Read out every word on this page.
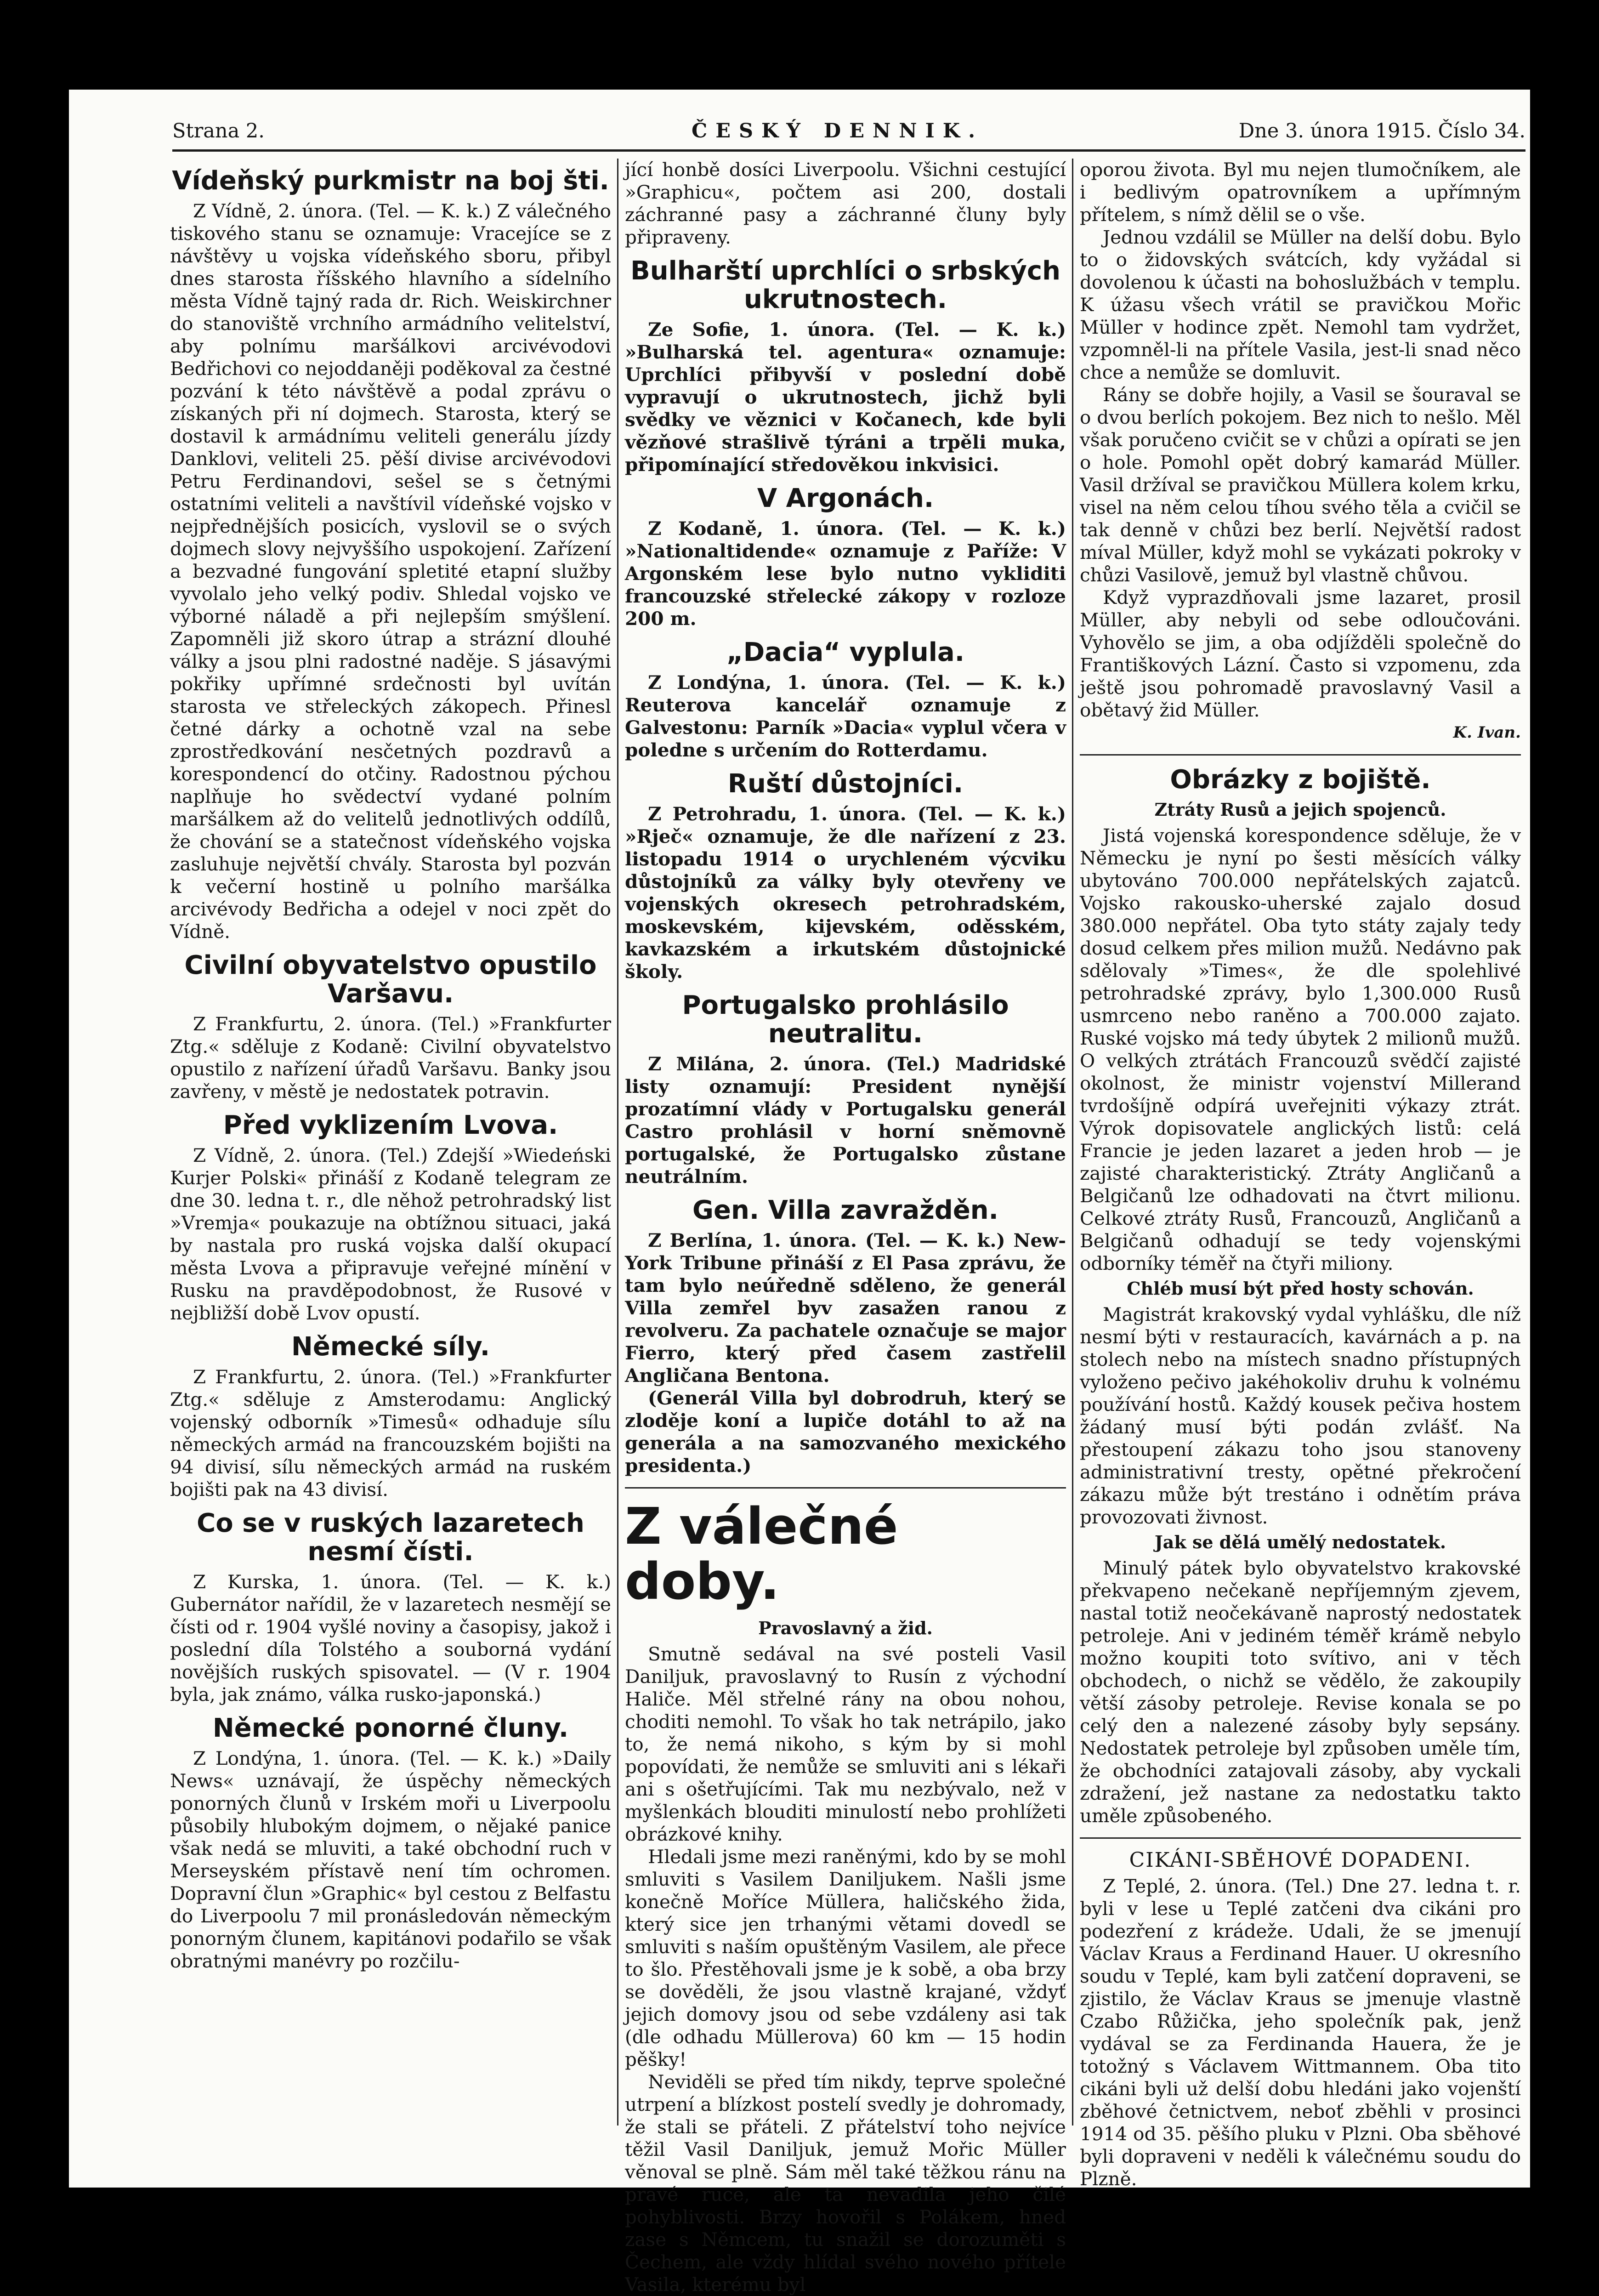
Strana 2.	ČESKÝ DENNIK.	Dne 3. února 1915. Číslo 34.
Vídeňský purkmistr na boj šti.

Z Vídně, 2. února. (Tel. — K. k.) Z válečného tiskového stanu se oznamuje: Vracejíce se z návštěvy u vojska vídeňského sboru, přibyl dnes starosta říšského hlavního a sídelního města Vídně tajný rada dr. Rich. Weiskirchner do stanoviště vrchního armádního velitelství, aby polnímu maršálkovi arcivévodovi Bedřichovi co nejoddaněji poděkoval za čestné pozvání k této návštěvě a podal zprávu o získaných při ní dojmech. Starosta, který se dostavil k armádnímu veliteli generálu jízdy Danklovi, veliteli 25. pěší divise arcivévodovi Petru Ferdinandovi, sešel se s četnými ostatními veliteli a navštívil vídeňské vojsko v nejpřednějších posicích, vyslovil se o svých dojmech slovy nejvyššího uspokojení. Zařízení a bezvadné fungování spletité etapní služby vyvolalo jeho velký podiv. Shledal vojsko ve výborné náladě a při nejlepším smýšlení. Zapomněli již skoro útrap a strázní dlouhé války a jsou plni radostné naděje. S jásavými pokřiky upřímné srdečnosti byl uvítán starosta ve střeleckých zákopech. Přinesl četné dárky a ochotně vzal na sebe zprostředkování nesčetných pozdravů a korespondencí do otčiny. Radostnou pýchou naplňuje ho svědectví vydané polním maršálkem až do velitelů jednotlivých oddílů, že chování se a statečnost vídeňského vojska zasluhuje největší chvály. Starosta byl pozván k večerní hostině u polního maršálka arcivévody Bedřicha a odejel v noci zpět do Vídně.

Civilní obyvatelstvo opustilo Varšavu.

Z Frankfurtu, 2. února. (Tel.) »Frankfurter Ztg.« sděluje z Kodaně: Civilní obyvatelstvo opustilo z nařízení úřadů Varšavu. Banky jsou zavřeny, v městě je nedostatek potravin.

Před vyklizením Lvova.

Z Vídně, 2. února. (Tel.) Zdejší »Wiedeński Kurjer Polski« přináší z Kodaně telegram ze dne 30. ledna t. r., dle něhož petrohradský list »Vremja« poukazuje na obtížnou situaci, jaká by nastala pro ruská vojska další okupací města Lvova a připravuje veřejné mínění v Rusku na pravděpodobnost, že Rusové v nejbližší době Lvov opustí.

Německé síly.

Z Frankfurtu, 2. února. (Tel.) »Frankfurter Ztg.« sděluje z Amsterodamu: Anglický vojenský odborník »Timesů« odhaduje sílu německých armád na francouzském bojišti na 94 divisí, sílu německých armád na ruském bojišti pak na 43 divisí.

Co se v ruských lazaretech nesmí čísti.

Z Kurska, 1. února. (Tel. — K. k.) Gubernátor nařídil, že v lazaretech nesmějí se čísti od r. 1904 vyšlé noviny a časopisy, jakož i poslední díla Tolstého a souborná vydání novějších ruských spisovatel. — (V r. 1904 byla, jak známo, válka rusko-japonská.)

Německé ponorné čluny.

Z Londýna, 1. února. (Tel. — K. k.) »Daily News« uznávají, že úspěchy německých ponorných člunů v Irském moři u Liverpoolu působily hlubokým dojmem, o nějaké panice však nedá se mluviti, a také obchodní ruch v Merseyském přístavě není tím ochromen. Dopravní člun »Graphic« byl cestou z Belfastu do Liverpoolu 7 mil pronásledován německým ponorným člunem, kapitánovi podařilo se však obratnými manévry po rozčilu-

jící honbě dosíci Liverpoolu. Všichni cestující »Graphicu«, počtem asi 200, dostali záchranné pasy a záchranné čluny byly připraveny.

Bulharští uprchlíci o srbských ukrutnostech.

Ze Sofie, 1. února. (Tel. — K. k.) »Bulharská tel. agentura« oznamuje: Uprchlíci přibyvší v poslední době vypravují o ukrutnostech, jichž byli svědky ve věznici v Kočanech, kde byli vězňové strašlivě týráni a trpěli muka, připomínající středověkou inkvisici.

V Argonách.

Z Kodaně, 1. února. (Tel. — K. k.) »Nationaltidende« oznamuje z Paříže: V Argonském lese bylo nutno vykliditi francouzské střelecké zákopy v rozloze 200 m.

„Dacia“ vyplula.

Z Londýna, 1. února. (Tel. — K. k.) Reuterova kancelář oznamuje z Galvestonu: Parník »Dacia« vyplul včera v poledne s určením do Rotterdamu.

Ruští důstojníci.

Z Petrohradu, 1. února. (Tel. — K. k.) »Rječ« oznamuje, že dle nařízení z 23. listopadu 1914 o urychleném výcviku důstojníků za války byly otevřeny ve vojenských okresech petrohradském, moskevském, kijevském, oděsském, kavkazském a irkutském důstojnické školy.

Portugalsko prohlásilo neutralitu.

Z Milána, 2. února. (Tel.) Madridské listy oznamují: President nynější prozatímní vlády v Portugalsku generál Castro prohlásil v horní sněmovně portugalské, že Portugalsko zůstane neutrálním.

Gen. Villa zavražděn.

Z Berlína, 1. února. (Tel. — K. k.) New-York Tribune přináší z El Pasa zprávu, že tam bylo neúředně sděleno, že generál Villa zemřel byv zasažen ranou z revolveru. Za pachatele označuje se major Fierro, který před časem zastřelil Angličana Bentona.

(Generál Villa byl dobrodruh, který se zloděje koní a lupiče dotáhl to až na generála a na samozvaného mexického presidenta.)

Z válečné doby.
Pravoslavný a žid.

Smutně sedával na své posteli Vasil Daniljuk, pravoslavný to Rusín z východní Haliče. Měl střelné rány na obou nohou, choditi nemohl. To však ho tak netrápilo, jako to, že nemá nikoho, s kým by si mohl popovídati, že nemůže se smluviti ani s lékaři ani s ošetřujícími. Tak mu nezbývalo, než v myšlenkách blouditi minulostí nebo prohlížeti obrázkové knihy.

Hledali jsme mezi raněnými, kdo by se mohl smluviti s Vasilem Daniljukem. Našli jsme konečně Moříce Müllera, haličského žida, který sice jen trhanými větami dovedl se smluviti s naším opuštěným Vasilem, ale přece to šlo. Přestěhovali jsme je k sobě, a oba brzy se dověděli, že jsou vlastně krajané, vždyť jejich domovy jsou od sebe vzdáleny asi tak (dle odhadu Müllerova) 60 km — 15 hodin pěšky!

Neviděli se před tím nikdy, teprve společné utrpení a blízkost postelí svedly je dohromady, že stali se přáteli. Z přátelství toho nejvíce těžil Vasil Daniljuk, jemuž Mořic Müller věnoval se plně. Sám měl také těžkou ránu na pravé ruce, ale ta nevadila jeho čilé pohyblivosti. Brzy hovořil s Polákem, hned zase s Němcem, tu snažil se dorozuměti s Čechem, ale vždy hlídal svého nového přítele Vasila, kterému byl

oporou života. Byl mu nejen tlumočníkem, ale i bedlivým opatrovníkem a upřímným přítelem, s nímž dělil se o vše.

Jednou vzdálil se Müller na delší dobu. Bylo to o židovských svátcích, kdy vyžádal si dovolenou k účasti na bohoslužbách v templu. K úžasu všech vrátil se pravičkou Mořic Müller v hodince zpět. Nemohl tam vydržet, vzpomněl-li na přítele Vasila, jest-li snad něco chce a nemůže se domluvit.

Rány se dobře hojily, a Vasil se šouraval se o dvou berlích pokojem. Bez nich to nešlo. Měl však poručeno cvičit se v chůzi a opírati se jen o hole. Pomohl opět dobrý kamarád Müller. Vasil držíval se pravičkou Müllera kolem krku, visel na něm celou tíhou svého těla a cvičil se tak denně v chůzi bez berlí. Největší radost míval Müller, když mohl se vykázati pokroky v chůzi Vasilově, jemuž byl vlastně chůvou.

Když vyprazdňovali jsme lazaret, prosil Müller, aby nebyli od sebe odloučováni. Vyhovělo se jim, a oba odjížděli společně do Františkových Lázní. Často si vzpomenu, zda ještě jsou pohromadě pravoslavný Vasil a obětavý žid Müller.

K. Ivan.
Obrázky z bojiště.
Ztráty Rusů a jejich spojenců.

Jistá vojenská korespondence sděluje, že v Německu je nyní po šesti měsících války ubytováno 700.000 nepřátelských zajatců. Vojsko rakousko-uherské zajalo dosud 380.000 nepřátel. Oba tyto státy zajaly tedy dosud celkem přes milion mužů. Nedávno pak sdělovaly »Times«, že dle spolehlivé petrohradské zprávy, bylo 1,300.000 Rusů usmrceno nebo raněno a 700.000 zajato. Ruské vojsko má tedy úbytek 2 milionů mužů. O velkých ztrátách Francouzů svědčí zajisté okolnost, že ministr vojenství Millerand tvrdošíjně odpírá uveřejniti výkazy ztrát. Výrok dopisovatele anglických listů: celá Francie je jeden lazaret a jeden hrob — je zajisté charakteristický. Ztráty Angličanů a Belgičanů lze odhadovati na čtvrt milionu. Celkové ztráty Rusů, Francouzů, Angličanů a Belgičanů odhadují se tedy vojenskými odborníky téměř na čtyři miliony.

Chléb musí být před hosty schován.

Magistrát krakovský vydal vyhlášku, dle níž nesmí býti v restauracích, kavárnách a p. na stolech nebo na místech snadno přístupných vyloženo pečivo jakéhokoliv druhu k volnému používání hostů. Každý kousek pečiva hostem žádaný musí býti podán zvlášť. Na přestoupení zákazu toho jsou stanoveny administrativní tresty, opětné překročení zákazu může být trestáno i odnětím práva provozovati živnost.

Jak se dělá umělý nedostatek.

Minulý pátek bylo obyvatelstvo krakovské překvapeno nečekaně nepříjemným zjevem, nastal totiž neočekávaně naprostý nedostatek petroleje. Ani v jediném téměř krámě nebylo možno koupiti toto svítivo, ani v těch obchodech, o nichž se vědělo, že zakoupily větší zásoby petroleje. Revise konala se po celý den a nalezené zásoby byly sepsány. Nedostatek petroleje byl způsoben uměle tím, že obchodníci zatajovali zásoby, aby vyckali zdražení, jež nastane za nedostatku takto uměle způsobeného.

CIKÁNI-SBĚHOVÉ DOPADENI.

Z Teplé, 2. února. (Tel.) Dne 27. ledna t. r. byli v lese u Teplé zatčeni dva cikáni pro podezření z krádeže. Udali, že se jmenují Václav Kraus a Ferdinand Hauer. U okresního soudu v Teplé, kam byli zatčení dopraveni, se zjistilo, že Václav Kraus se jmenuje vlastně Czabo Růžička, jeho společník pak, jenž vydával se za Ferdinanda Hauera, že je totožný s Václavem Wittmannem. Oba tito cikáni byli už delší dobu hledáni jako vojenští zběhové četnictvem, neboť zběhli v prosinci 1914 od 35. pěšího pluku v Plzni. Oba sběhové byli dopraveni v neděli k válečnému soudu do Plzně.
